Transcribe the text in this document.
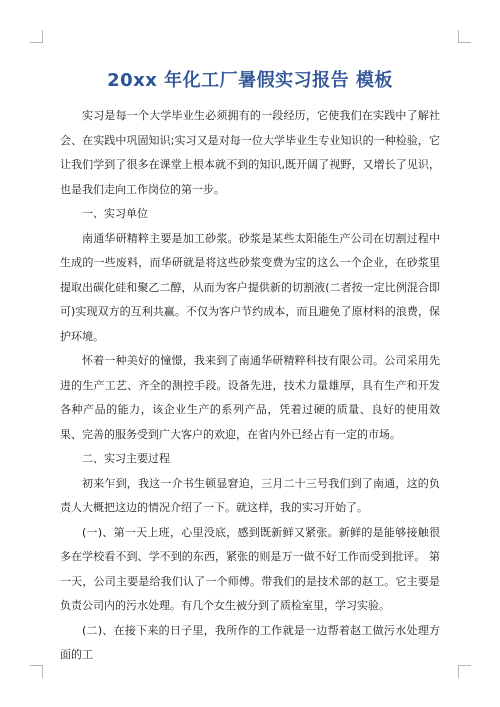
20xx 年化工厂暑假实习报告 模板

实习是每一个大学毕业生必须拥有的一段经历，它使我们在实践中了解社会、在实践中巩固知识;实习又是对每一位大学毕业生专业知识的一种检验，它让我们学到了很多在课堂上根本就不到的知识,既开阔了视野，又增长了见识，也是我们走向工作岗位的第一步。

一、实习单位

南通华研精粹主要是加工砂浆。砂浆是某些太阳能生产公司在切割过程中生成的一些废料，而华研就是将这些砂浆变费为宝的这么一个企业，在砂浆里提取出碳化硅和聚乙二醇，从而为客户提供新的切割液(二者按一定比例混合即可)实现双方的互利共赢。不仅为客户节约成本，而且避免了原材料的浪费，保护环境。

怀着一种美好的憧憬，我来到了南通华研精粹科技有限公司。公司采用先进的生产工艺、齐全的测控手段。设备先进，技术力量雄厚，具有生产和开发各种产品的能力，该企业生产的系列产品，凭着过硬的质量、良好的使用效果、完善的服务受到广大客户的欢迎，在省内外已经占有一定的市场。

二、实习主要过程

初来乍到，我这一介书生顿显窘迫，三月二十三号我们到了南通，这的负责人大概把这边的情况介绍了一下。就这样，我的实习开始了。

(一)、第一天上班，心里没底，感到既新鲜又紧张。新鲜的是能够接触很多在学校看不到、学不到的东西，紧张的则是万一做不好工作而受到批评。 第一天，公司主要是给我们认了一个师傅。带我们的是技术部的赵工。它主要是负责公司内的污水处理。有几个女生被分到了质检室里，学习实验。

(二)、在接下来的日子里，我所作的工作就是一边帮着赵工做污水处理方面的工
